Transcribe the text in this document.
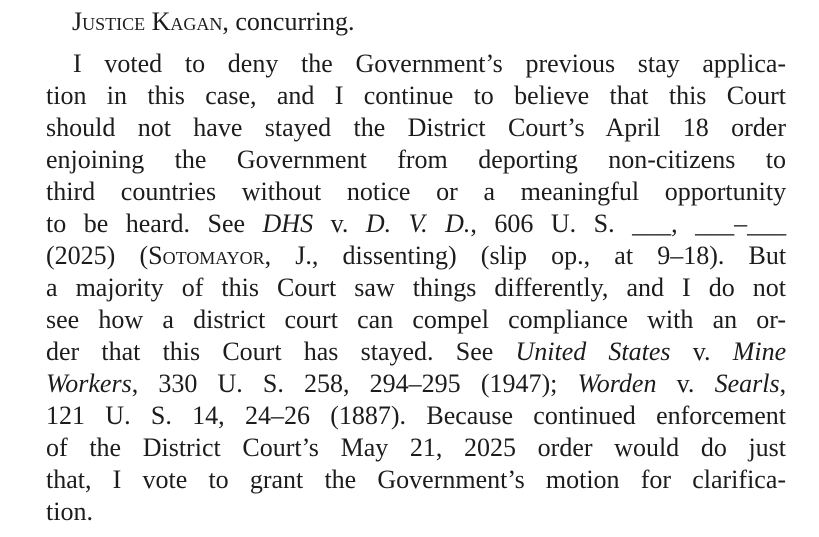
Justice Kagan, concurring.
I voted to deny the Government’s previous stay applica-
tion in this case, and I continue to believe that this Court
should not have stayed the District Court’s April 18 order
enjoining the Government from deporting non-citizens to
third countries without notice or a meaningful opportunity
to be heard. See DHS v. D. V. D., 606 U. S. ___, ___–___
(2025) (Sotomayor, J., dissenting) (slip op., at 9–18). But
a majority of this Court saw things differently, and I do not
see how a district court can compel compliance with an or-
der that this Court has stayed. See United States v. Mine
Workers, 330 U. S. 258, 294–295 (1947); Worden v. Searls,
121 U. S. 14, 24–26 (1887). Because continued enforcement
of the District Court’s May 21, 2025 order would do just
that, I vote to grant the Government’s motion for clarifica-
tion.
